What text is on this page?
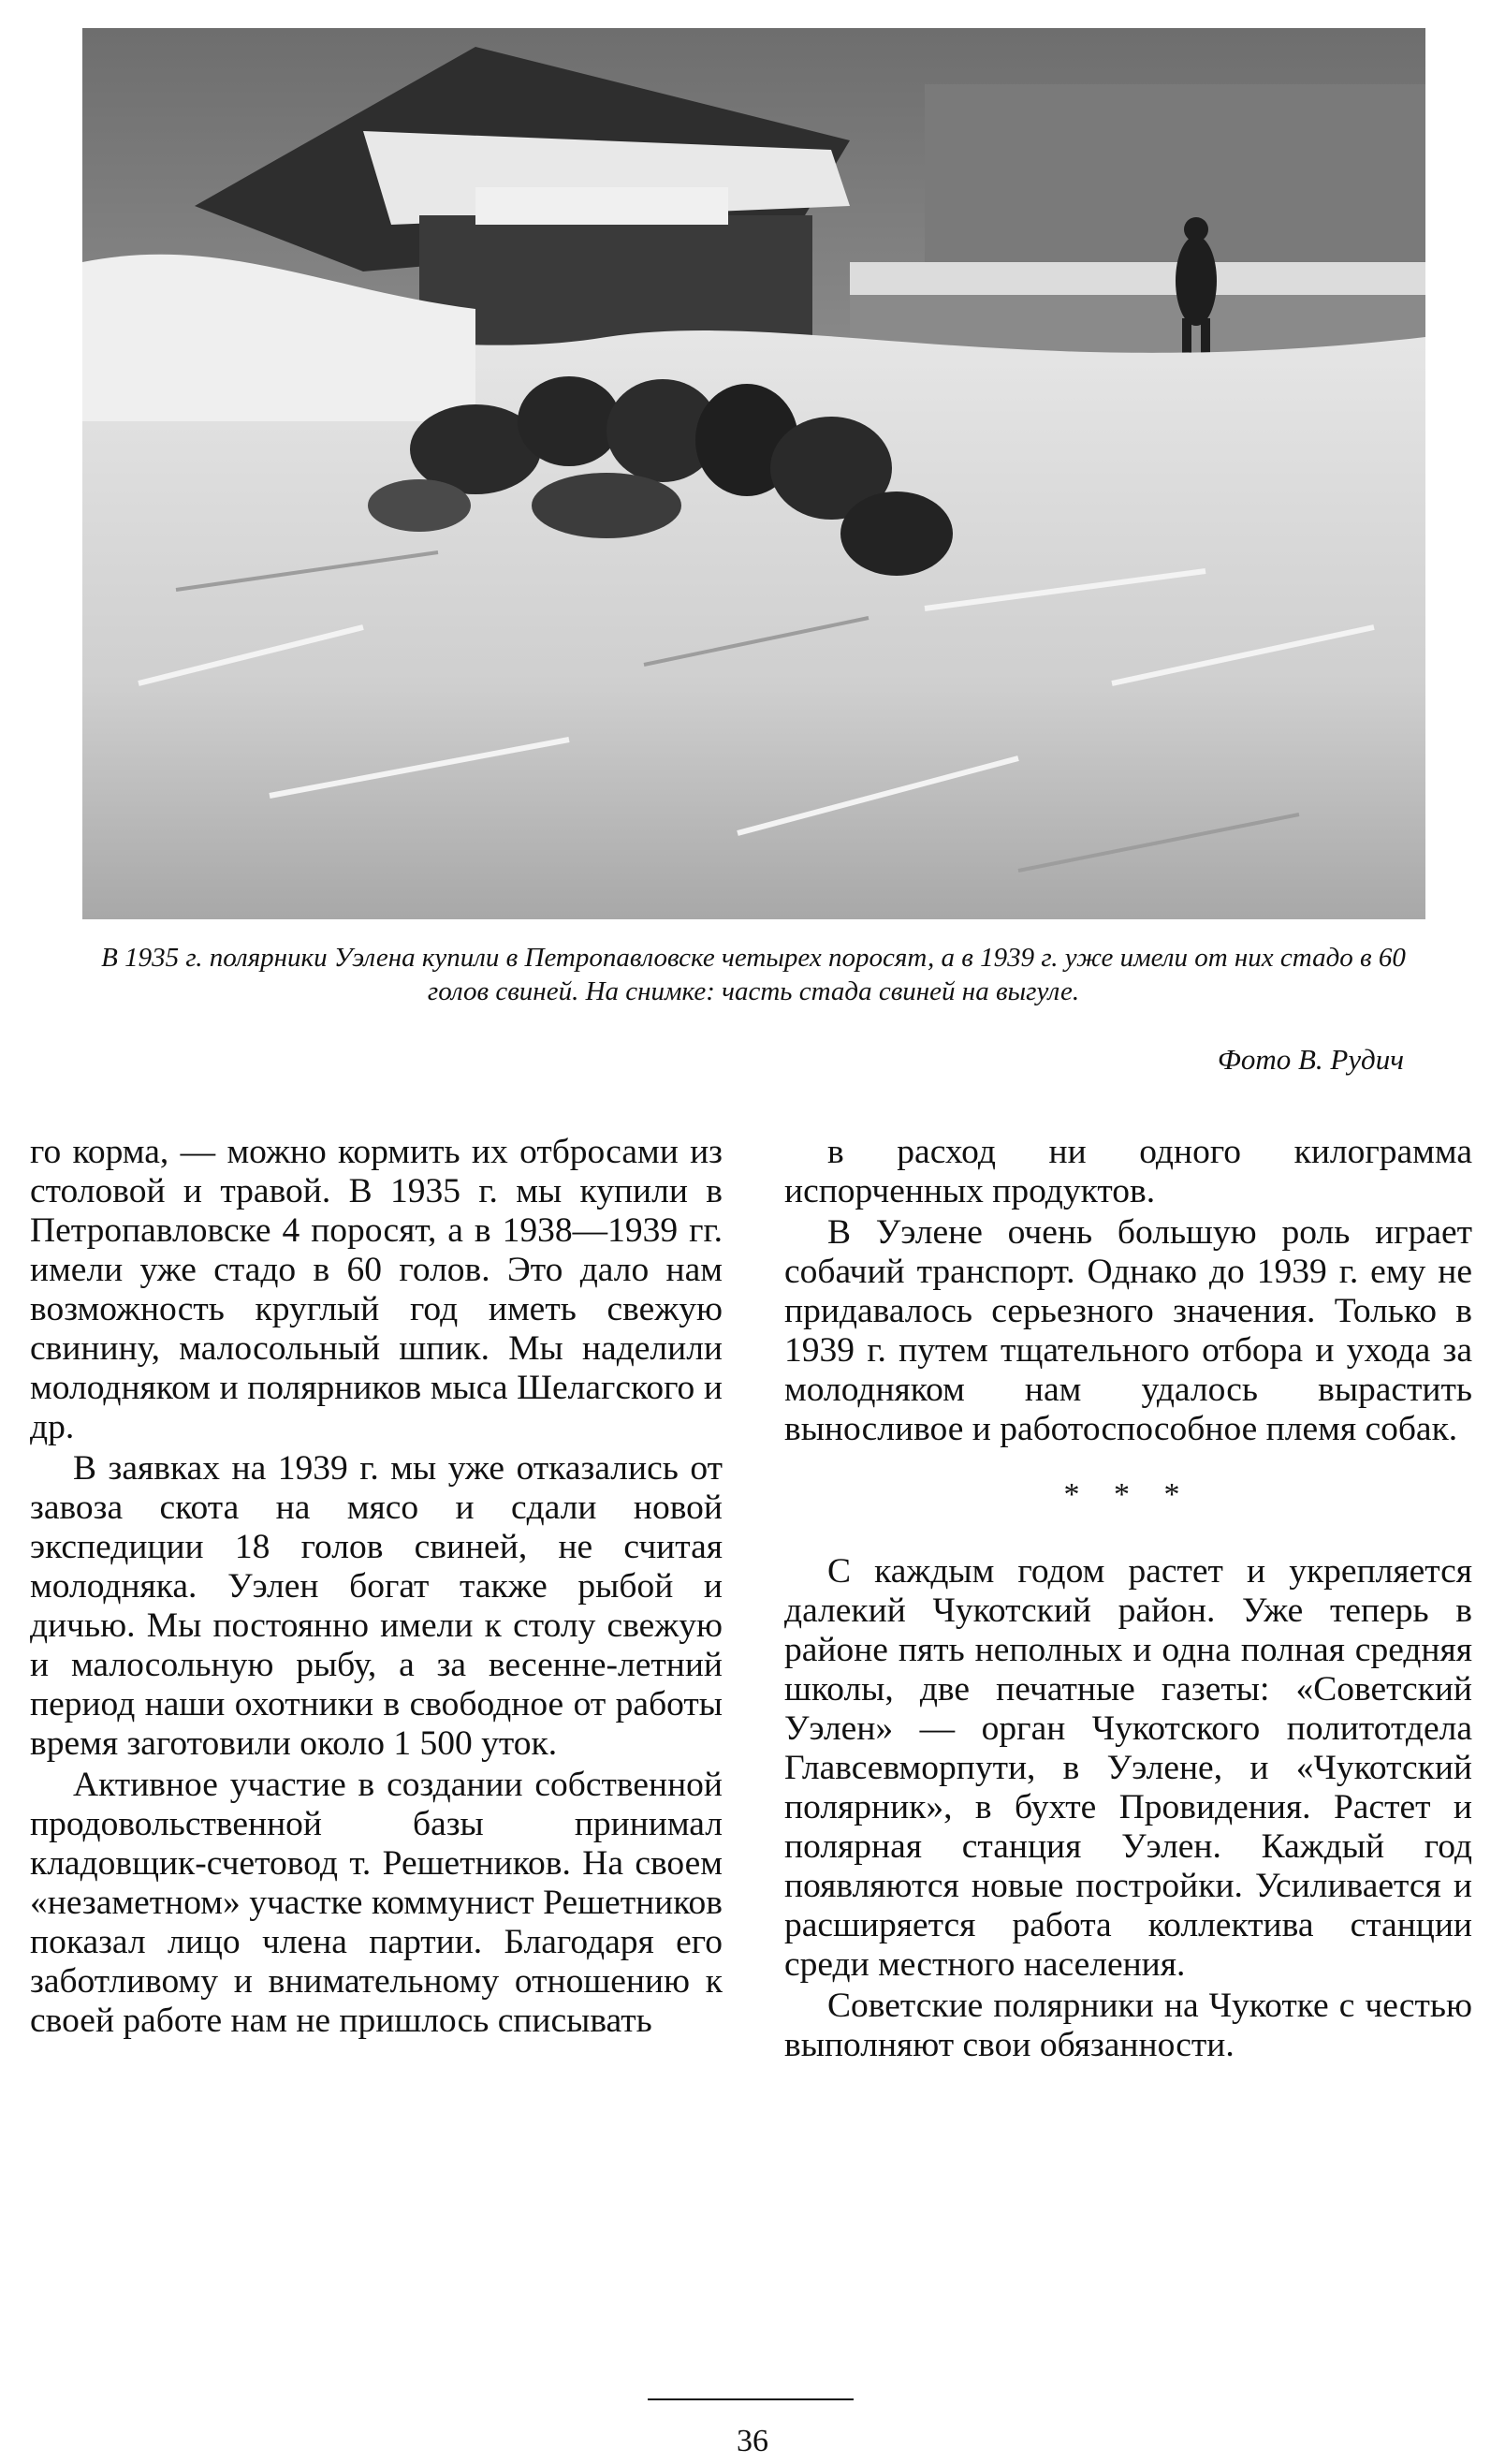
В 1935 г. полярники Уэлена купили в Петропавловске четырех поросят, а в 1939 г. уже имели от них стадо в 60 голов свиней. На снимке: часть стада свиней на выгуле.
Фото В. Рудич

го корма, — можно кормить их отбросами из столовой и травой. В 1935 г. мы купили в Петропавловске 4 поросят, а в 1938—1939 гг. имели уже стадо в 60 голов. Это дало нам возможность круглый год иметь свежую свинину, малосольный шпик. Мы наделили молодняком и полярников мыса Шелагского и др.

В заявках на 1939 г. мы уже отказались от завоза скота на мясо и сдали новой экспедиции 18 голов свиней, не считая молодняка. Уэлен богат также рыбой и дичью. Мы постоянно имели к столу свежую и малосольную рыбу, а за весенне-летний период наши охотники в свободное от работы время заготовили около 1 500 уток.

Активное участие в создании собственной продовольственной базы принимал кладовщик-счетовод т. Решетников. На своем «незаметном» участке коммунист Решетников показал лицо члена партии. Благодаря его заботливому и внимательному отношению к своей работе нам не пришлось списывать

в расход ни одного килограмма испорченных продуктов.

В Уэлене очень большую роль играет собачий транспорт. Однако до 1939 г. ему не придавалось серьезного значения. Только в 1939 г. путем тщательного отбора и ухода за молодняком нам удалось вырастить выносливое и работоспособное племя собак.

* * *

С каждым годом растет и укрепляется далекий Чукотский район. Уже теперь в районе пять неполных и одна полная средняя школы, две печатные газеты: «Советский Уэлен» — орган Чукотского политотдела Главсевморпути, в Уэлене, и «Чукотский полярник», в бухте Провидения. Растет и полярная станция Уэлен. Каждый год появляются новые постройки. Усиливается и расширяется работа коллектива станции среди местного населения.

Советские полярники на Чукотке с честью выполняют свои обязанности.

36
